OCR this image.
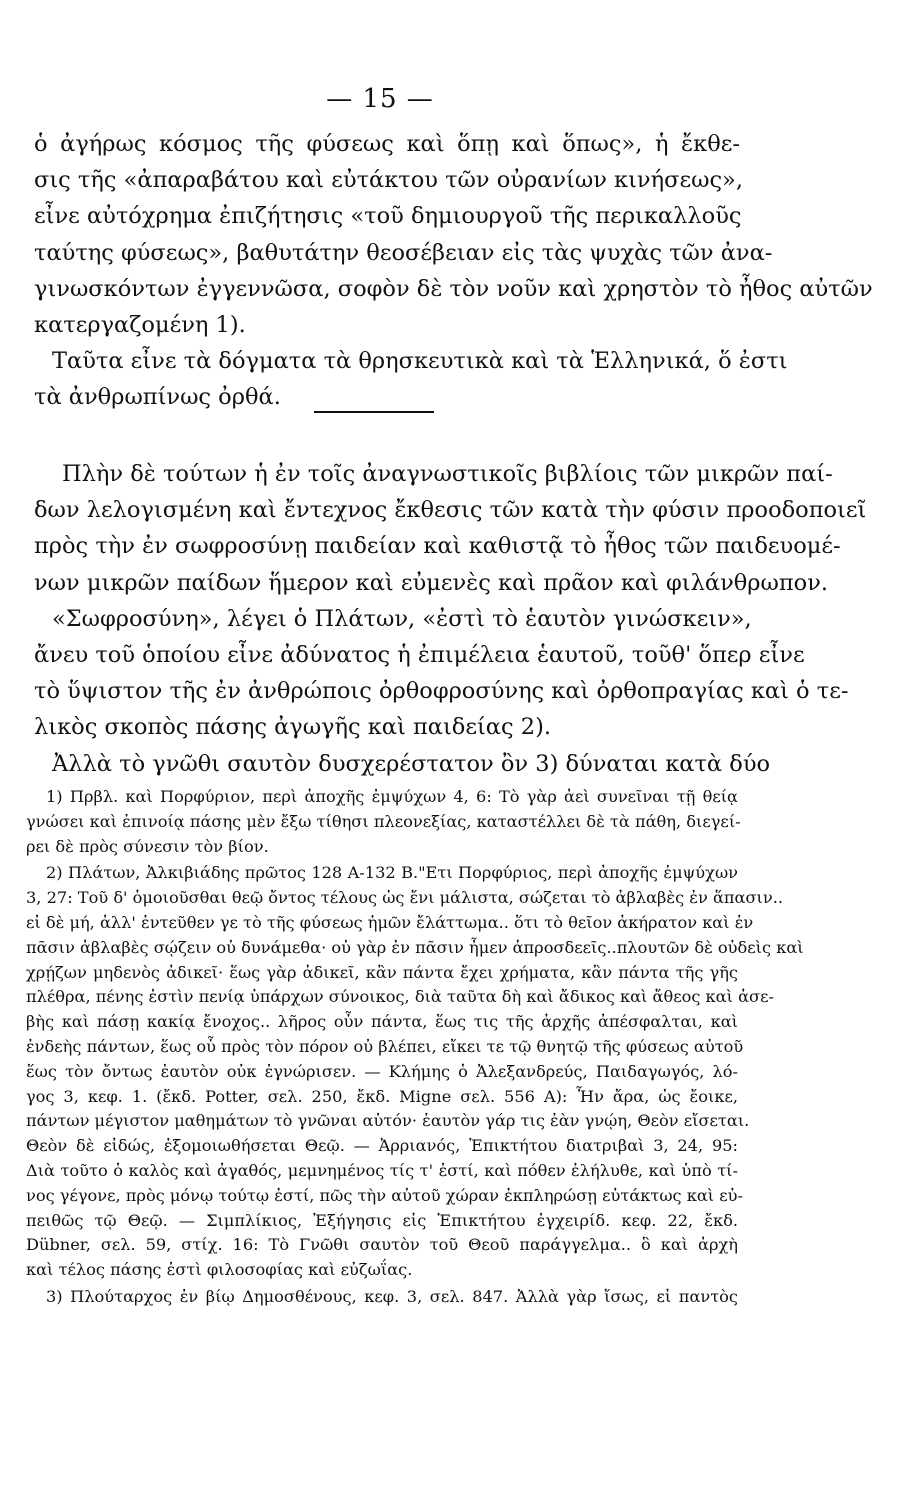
— 15 —
ὁ ἀγήρως κόσμος τῆς φύσεως καὶ ὅπῃ καὶ ὅπως», ἡ ἔκθε-
σις τῆς «ἀπαραβάτου καὶ εὐτάκτου τῶν οὐρανίων κινήσεως»,
εἶνε αὐτόχρημα ἐπιζήτησις «τοῦ δημιουργοῦ τῆς περικαλλοῦς
ταύτης φύσεως», βαθυτάτην θεοσέβειαν εἰς τὰς ψυχὰς τῶν ἀνα-
γινωσκόντων ἐγγεννῶσα, σοφὸν δὲ τὸν νοῦν καὶ χρηστὸν τὸ ἦθος αὐτῶν
κατεργαζομένη 1).
Ταῦτα εἶνε τὰ δόγματα τὰ θρησκευτικὰ καὶ τὰ Ἑλληνικά, ὅ ἐστι
τὰ ἀνθρωπίνως ὀρθά.
Πλὴν δὲ τούτων ἡ ἐν τοῖς ἀναγνωστικοῖς βιβλίοις τῶν μικρῶν παί-
δων λελογισμένη καὶ ἔντεχνος ἔκθεσις τῶν κατὰ τὴν φύσιν προοδοποιεῖ
πρὸς τὴν ἐν σωφροσύνῃ παιδείαν καὶ καθιστᾷ τὸ ἦθος τῶν παιδευομέ-
νων μικρῶν παίδων ἥμερον καὶ εὐμενὲς καὶ πρᾶον καὶ φιλάνθρωπον.
«Σωφροσύνη», λέγει ὁ Πλάτων, «ἐστὶ τὸ ἑαυτὸν γινώσκειν»,
ἄνευ τοῦ ὁποίου εἶνε ἀδύνατος ἡ ἐπιμέλεια ἑαυτοῦ, τοῦθ' ὅπερ εἶνε
τὸ ὕψιστον τῆς ἐν ἀνθρώποις ὀρθοφροσύνης καὶ ὀρθοπραγίας καὶ ὁ τε-
λικὸς σκοπὸς πάσης ἀγωγῆς καὶ παιδείας 2).
Ἀλλὰ τὸ γνῶθι σαυτὸν δυσχερέστατον ὂν 3) δύναται κατὰ δύο
1) Πρβλ. καὶ Πορφύριον, περὶ ἀποχῆς ἐμψύχων 4, 6: Τὸ γὰρ ἀεὶ συνεῖναι τῇ θείᾳ
γνώσει καὶ ἐπινοίᾳ πάσης μὲν ἔξω τίθησι πλεονεξίας, καταστέλλει δὲ τὰ πάθη, διεγεί-
ρει δὲ πρὸς σύνεσιν τὸν βίον.
2) Πλάτων, Ἀλκιβιάδης πρῶτος 128 Α-132 Β."Ετι Πορφύριος, περὶ ἀποχῆς ἐμψύχων
3, 27: Τοῦ δ' ὁμοιοῦσθαι θεῷ ὄντος τέλους ὡς ἔνι μάλιστα, σώζεται τὸ ἀβλαβὲς ἐν ἅπασιν..
εἰ δὲ μή, ἀλλ' ἐντεῦθεν γε τὸ τῆς φύσεως ἡμῶν ἔλάττωμα.. ὅτι τὸ θεῖον ἀκήρατον καὶ ἐν
πᾶσιν ἀβλαβὲς σῴζειν οὐ δυνάμεθα· οὐ γὰρ ἐν πᾶσιν ἦμεν ἀπροσδεεῖς..πλουτῶν δὲ οὐδεὶς καὶ
χρῄζων μηδενὸς ἀδικεῖ· ἕως γὰρ ἀδικεῖ, κἂν πάντα ἔχει χρήματα, κἂν πάντα τῆς γῆς
πλέθρα, πένης ἐστὶν πενίᾳ ὑπάρχων σύνοικος, διὰ ταῦτα δὴ καὶ ἄδικος καὶ ἄθεος καὶ ἀσε-
βὴς καὶ πάσῃ κακίᾳ ἔνοχος.. λῆρος οὖν πάντα, ἕως τις τῆς ἀρχῆς ἀπέσφαλται, καὶ
ἐνδεὴς πάντων, ἕως οὗ πρὸς τὸν πόρον οὐ βλέπει, εἴκει τε τῷ θνητῷ τῆς φύσεως αὐτοῦ
ἕως τὸν ὄντως ἑαυτὸν οὐκ ἐγνώρισεν. — Κλήμης ὁ Ἀλεξανδρεύς, Παιδαγωγός, λό-
γος 3, κεφ. 1. (ἔκδ. Potter, σελ. 250, ἔκδ. Migne σελ. 556 Α): Ἦν ἄρα, ὡς ἔοικε,
πάντων μέγιστον μαθημάτων τὸ γνῶναι αὑτόν· ἑαυτὸν γάρ τις ἐὰν γνῴη, Θεὸν εἴσεται.
Θεὸν δὲ εἰδώς, ἐξομοιωθήσεται Θεῷ. — Ἀρριανός, Ἐπικτήτου διατριβαὶ 3, 24, 95:
Διὰ τοῦτο ὁ καλὸς καὶ ἀγαθός, μεμνημένος τίς τ' ἐστί, καὶ πόθεν ἐλήλυθε, καὶ ὑπὸ τί-
νος γέγονε, πρὸς μόνῳ τούτῳ ἐστί, πῶς τὴν αὐτοῦ χώραν ἐκπληρώσῃ εὐτάκτως καὶ εὐ-
πειθῶς τῷ Θεῷ. — Σιμπλίκιος, Ἐξήγησις εἰς Ἐπικτήτου ἐγχειρίδ. κεφ. 22, ἔκδ.
Dübner, σελ. 59, στίχ. 16: Τὸ Γνῶθι σαυτὸν τοῦ Θεοῦ παράγγελμα.. ὃ καὶ ἀρχὴ
καὶ τέλος πάσης ἐστὶ φιλοσοφίας καὶ εὐζωΐας.
3) Πλούταρχος ἐν βίῳ Δημοσθένους, κεφ. 3, σελ. 847. Ἀλλὰ γὰρ ἴσως, εἰ παντὸς
